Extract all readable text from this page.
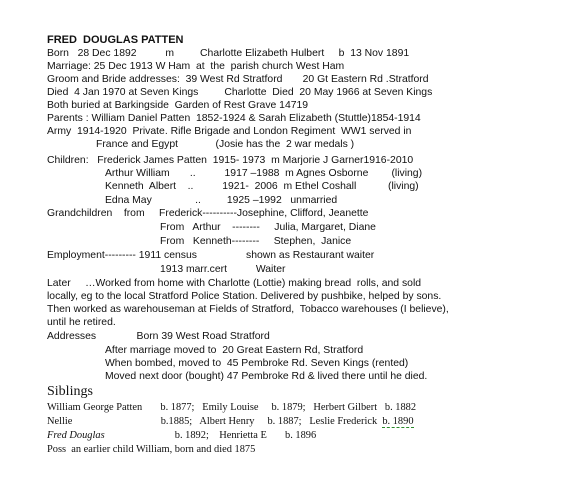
FRED  DOUGLAS PATTEN
Born   28 Dec 1892          m         Charlotte Elizabeth Hulbert     b  13 Nov 1891
Marriage: 25 Dec 1913 W Ham  at  the  parish church West Ham
Groom and Bride addresses:  39 West Rd Stratford       20 Gt Eastern Rd .Stratford
Died  4 Jan 1970 at Seven Kings         Charlotte  Died  20 May 1966 at Seven Kings
Both buried at Barkingside  Garden of Rest Grave 14719
Parents : William Daniel Patten  1852-1924 & Sarah Elizabeth (Stuttle)1854-1914
Army  1914-1920  Private. Rifle Brigade and London Regiment  WW1 served in
France and Egypt             (Josie has the  2 war medals )
Children:   Frederick James Patten  1915- 1973  m Marjorie J Garner1916-2010
Arthur William       ..          1917 –1988  m Agnes Osborne        (living)
Kenneth  Albert    ..          1921-  2006  m Ethel Coshall           (living)
Edna May               ..         1925 –1992   unmarried
Grandchildren    from     Frederick----------Josephine, Clifford, Jeanette
From   Arthur    --------     Julia, Margaret, Diane
From   Kenneth--------     Stephen,  Janice
Employment--------- 1911 census                 shown as Restaurant waiter
1913 marr.cert          Waiter
Later     …Worked from home with Charlotte (Lottie) making bread  rolls, and sold
locally, eg to the local Stratford Police Station. Delivered by pushbike, helped by sons.
Then worked as warehouseman at Fields of Stratford,  Tobacco warehouses (I believe),
until he retired.
Addresses              Born 39 West Road Stratford
After marriage moved to  20 Great Eastern Rd, Stratford
When bombed, moved to  45 Pembroke Rd. Seven Kings (rented)
Moved next door (bought) 47 Pembroke Rd & lived there until he died.
Siblings
William George Patten       b. 1877;   Emily Louise     b. 1879;   Herbert Gilbert   b. 1882
Nellie                                  b.1885;   Albert Henry     b. 1887;   Leslie Frederick  b. 1890
Fred Douglas                           b. 1892;    Henrietta E       b. 1896
Poss  an earlier child William, born and died 1875
